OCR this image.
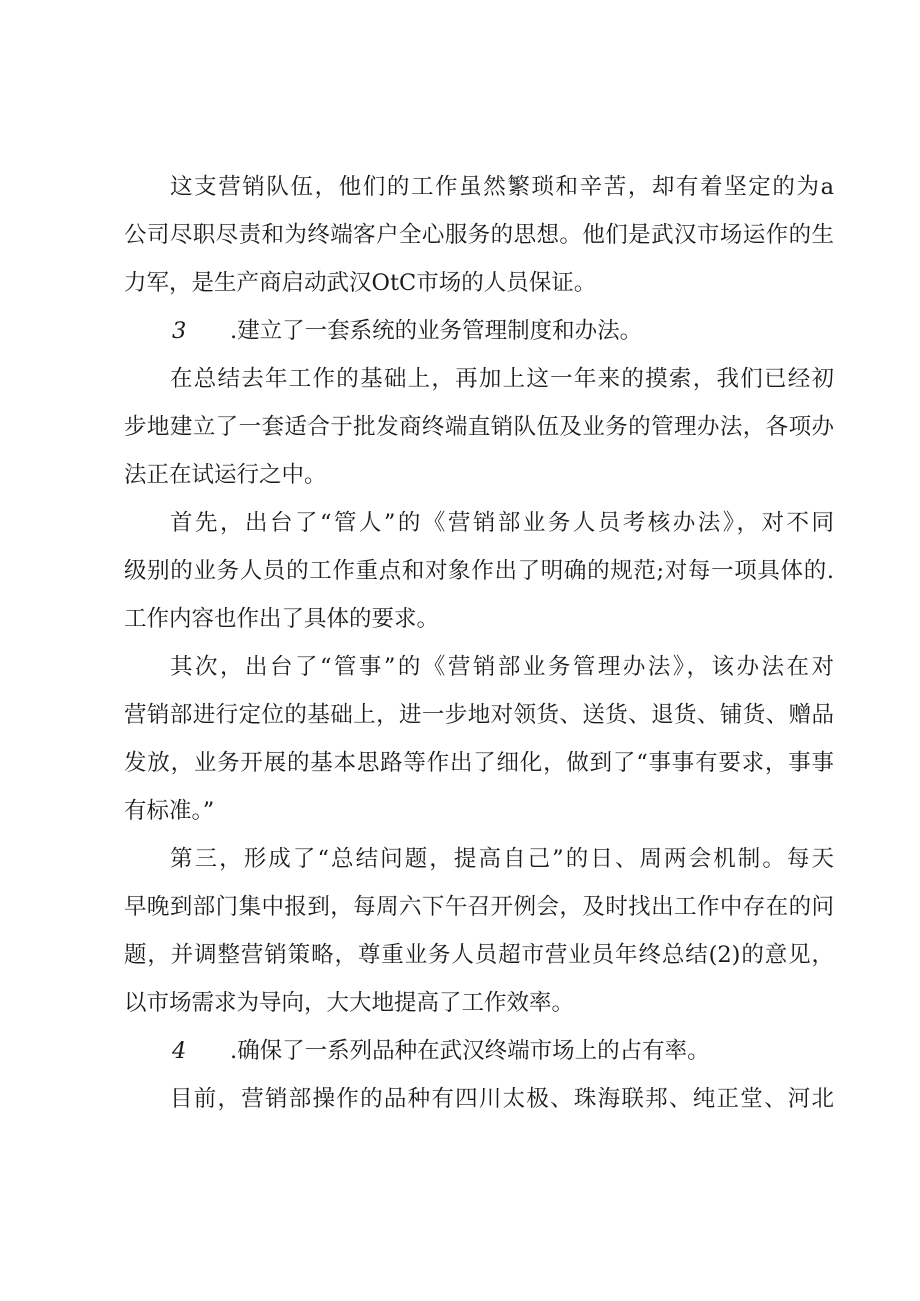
这支营销队伍，他们的工作虽然繁琐和辛苦，却有着坚定的为a
公司尽职尽责和为终端客户全心服务的思想。他们是武汉市场运作的生
力军，是生产商启动武汉OtC市场的人员保证。
3 .建立了一套系统的业务管理制度和办法。
在总结去年工作的基础上，再加上这一年来的摸索，我们已经初
步地建立了一套适合于批发商终端直销队伍及业务的管理办法，各项办
法正在试运行之中。
首先，出台了“管人”的《营销部业务人员考核办法》，对不同
级别的业务人员的工作重点和对象作出了明确的规范;对每一项具体的.
工作内容也作出了具体的要求。
其次，出台了“管事”的《营销部业务管理办法》，该办法在对
营销部进行定位的基础上，进一步地对领货、送货、退货、铺货、赠品
发放，业务开展的基本思路等作出了细化，做到了“事事有要求，事事
有标准。”
第三，形成了“总结问题，提高自己”的日、周两会机制。每天
早晚到部门集中报到，每周六下午召开例会，及时找出工作中存在的问
题，并调整营销策略，尊重业务人员超市营业员年终总结(2)的意见，
以市场需求为导向，大大地提高了工作效率。
4 .确保了一系列品种在武汉终端市场上的占有率。
目前，营销部操作的品种有四川太极、珠海联邦、纯正堂、河北
